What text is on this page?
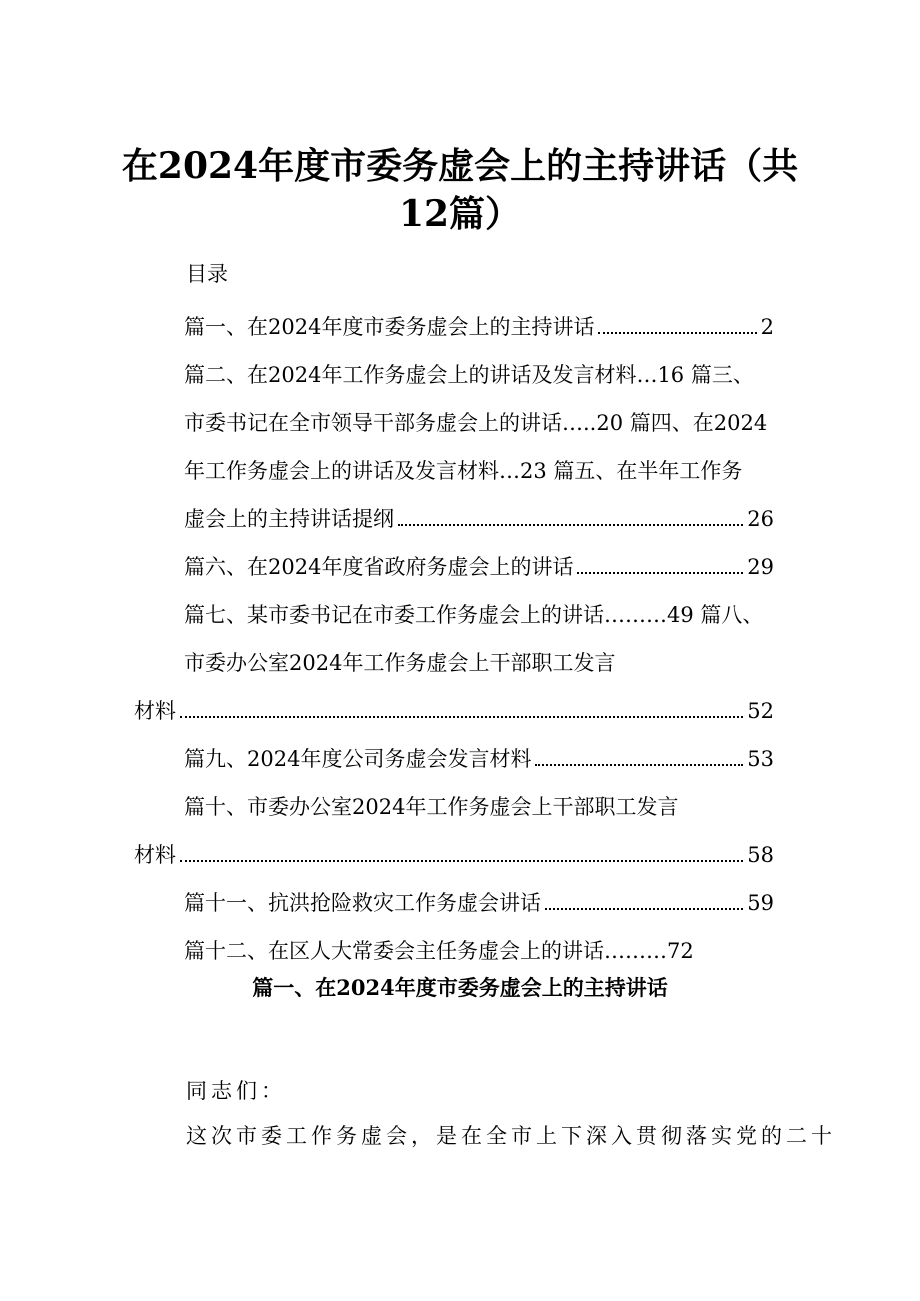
在2024年度市委务虚会上的主持讲话（共
12篇）
目录
篇一、在2024年度市委务虚会上的主持讲话	2
篇二、在2024年工作务虚会上的讲话及发言材料…16 篇三、
市委书记在全市领导干部务虚会上的讲话…..20 篇四、在2024
年工作务虚会上的讲话及发言材料…23 篇五、在半年工作务
虚会上的主持讲话提纲	26
篇六、在2024年度省政府务虚会上的讲话	29
篇七、某市委书记在市委工作务虚会上的讲话………49 篇八、
市委办公室2024年工作务虚会上干部职工发言
材料	52
篇九、2024年度公司务虚会发言材料	53
篇十、市委办公室2024年工作务虚会上干部职工发言
材料	58
篇十一、抗洪抢险救灾工作务虚会讲话	59
篇十二、在区人大常委会主任务虚会上的讲话………72
篇一、在2024年度市委务虚会上的主持讲话
同志们：
这次市委工作务虚会，是在全市上下深入贯彻落实党的二十
